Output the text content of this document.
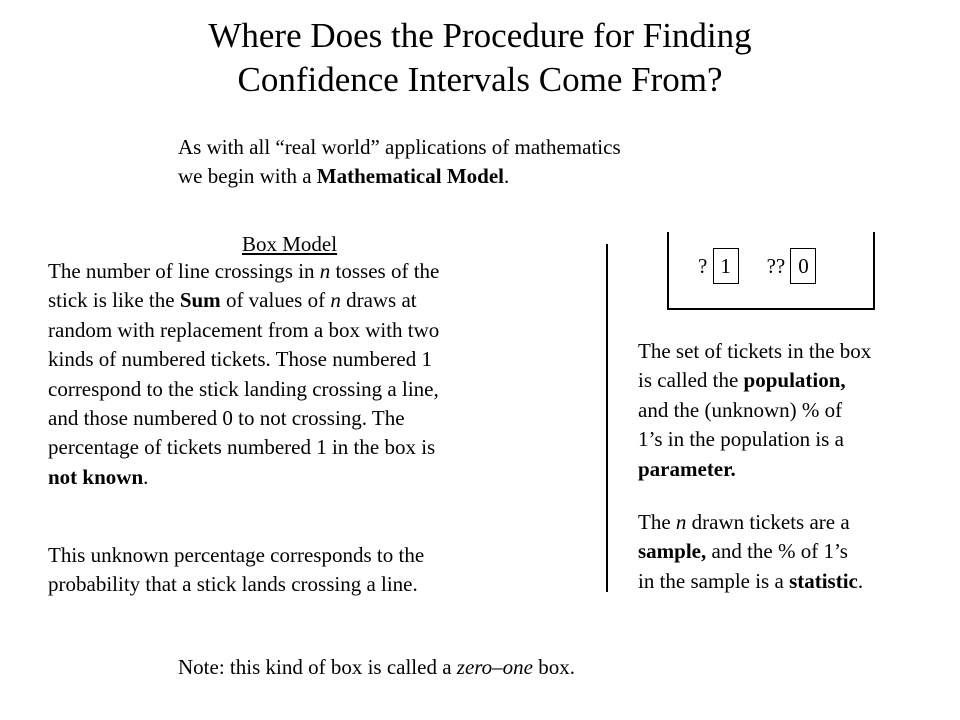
Where Does the Procedure for Finding
Confidence Intervals Come From?
As with all “real world” applications of mathematics
we begin with a Mathematical Model.
Box Model
The number of line crossings in n tosses of the
stick is like the Sum of values of n draws at
random with replacement from a box with two
kinds of numbered tickets. Those numbered 1
correspond to the stick landing crossing a line,
and those numbered 0 to not crossing. The
percentage of tickets numbered 1 in the box is
not known.
This unknown percentage corresponds to the
probability that a stick lands crossing a line.
? 1 ?? 0
The set of tickets in the box
is called the population,
and the (unknown) % of
1’s in the population is a
parameter.
The n drawn tickets are a
sample, and the % of 1’s
in the sample is a statistic.
Note: this kind of box is called a zero–one box.
